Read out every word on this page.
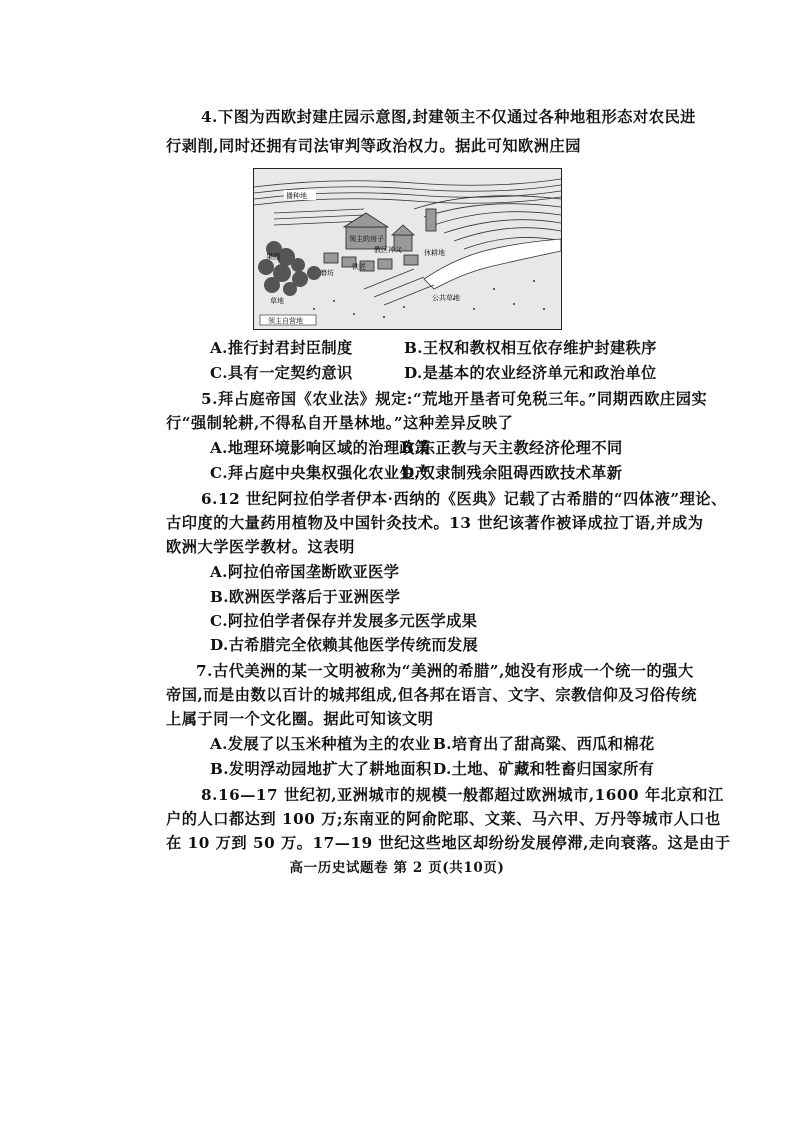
4.下图为西欧封建庄园示意图,封建领主不仅通过各种地租形态对农民进
行剥削,同时还拥有司法审判等政治权力。据此可知欧洲庄园
播种地
领主的房子
教区神父
果园
磨坊
铁匠
草地
休耕地
公共草地
领主自营地
A.推行封君封臣制度	B.王权和教权相互依存维护封建秩序
C.具有一定契约意识	D.是基本的农业经济单元和政治单位
5.拜占庭帝国《农业法》规定:“荒地开垦者可免税三年。”同期西欧庄园实
行“强制轮耕,不得私自开垦林地。”这种差异反映了
A.地理环境影响区域的治理政策
B.东正教与天主教经济伦理不同
C.拜占庭中央集权强化农业生产
D.奴隶制残余阻碍西欧技术革新
6.12 世纪阿拉伯学者伊本·西纳的《医典》记载了古希腊的“四体液”理论、
古印度的大量药用植物及中国针灸技术。13 世纪该著作被译成拉丁语,并成为
欧洲大学医学教材。这表明
A.阿拉伯帝国垄断欧亚医学
B.欧洲医学落后于亚洲医学
C.阿拉伯学者保存并发展多元医学成果
D.古希腊完全依赖其他医学传统而发展
7.古代美洲的某一文明被称为“美洲的希腊”,她没有形成一个统一的强大
帝国,而是由数以百计的城邦组成,但各邦在语言、文字、宗教信仰及习俗传统
上属于同一个文化圈。据此可知该文明
A.发展了以玉米种植为主的农业 B.培育出了甜高粱、西瓜和棉花
B.发明浮动园地扩大了耕地面积 D.土地、矿藏和牲畜归国家所有
8.16—17 世纪初,亚洲城市的规模一般都超过欧洲城市,1600 年北京和江
户的人口都达到 100 万;东南亚的阿俞陀耶、文莱、马六甲、万丹等城市人口也
在 10 万到 50 万。17—19 世纪这些地区却纷纷发展停滞,走向衰落。这是由于
高一历史试题卷 第 2 页(共10页)
